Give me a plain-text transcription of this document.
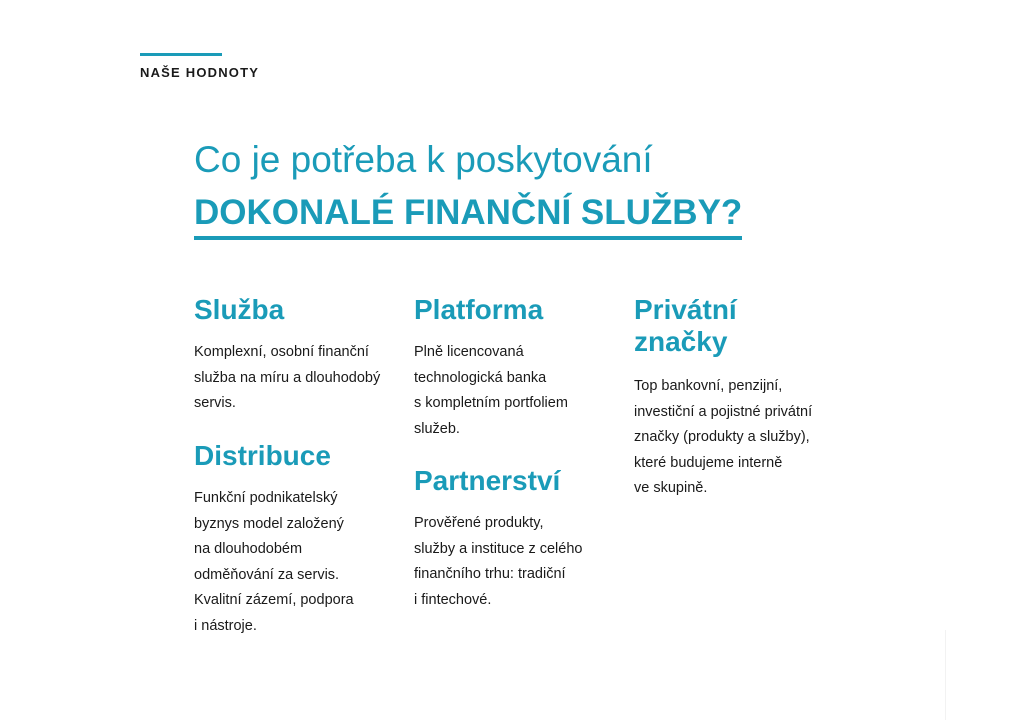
NAŠE HODNOTY
Co je potřeba k poskytování
DOKONALÉ FINANČNÍ SLUŽBY?
Služba

Komplexní, osobní finanční
služba na míru a dlouhodobý
servis.

Distribuce

Funkční podnikatelský
byznys model založený
na dlouhodobém
odměňování za servis.
Kvalitní zázemí, podpora
i nástroje.

Platforma

Plně licencovaná
technologická banka
s kompletním portfoliem
služeb.

Partnerství

Prověřené produkty,
služby a instituce z celého
finančního trhu: tradiční
i fintechové.

Privátní
značky

Top bankovní, penzijní,
investiční a pojistné privátní
značky (produkty a služby),
které budujeme interně
ve skupině.
